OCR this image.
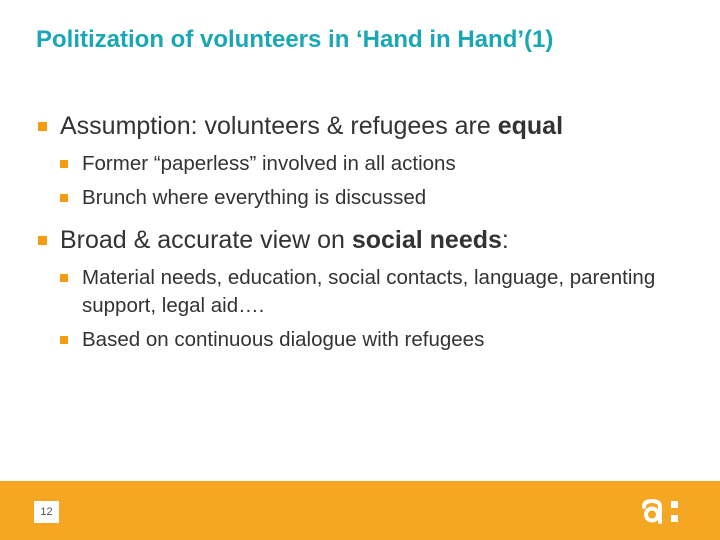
Politization of volunteers in ‘Hand in Hand’(1)
Assumption: volunteers & refugees are equal
Former “paperless” involved in all actions
Brunch where everything is discussed
Broad & accurate view on social needs:
Material needs, education, social contacts, language, parenting support, legal aid….
Based on continuous dialogue with refugees
12
